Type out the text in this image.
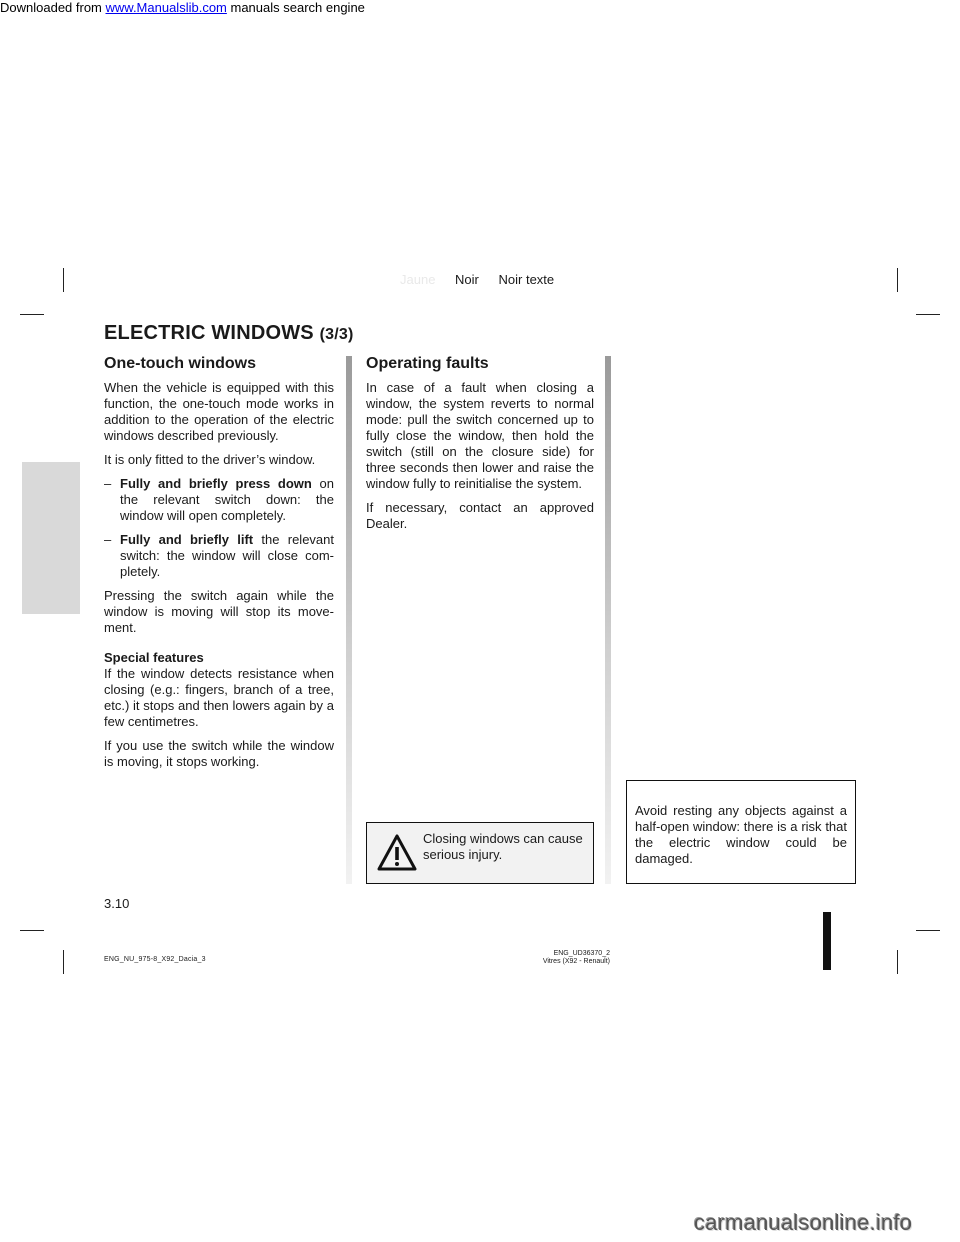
Downloaded from www.Manualslib.com manuals search engine
Jaune Noir Noir texte
ELECTRIC WINDOWS (3/3)
One-touch windows

When the vehicle is equipped with this function, the one-touch mode works in addition to the operation of the electric windows described previously.

It is only fitted to the driver’s window.

– Fully and briefly press down on the relevant switch down: the window will open completely.
– Fully and briefly lift the relevant switch: the window will close com-pletely.

Pressing the switch again while the window is moving will stop its move-ment.

Special features

If the window detects resistance when closing (e.g.: fingers, branch of a tree, etc.) it stops and then lowers again by a few centimetres.

If you use the switch while the window is moving, it stops working.

Operating faults

In case of a fault when closing a window, the system reverts to normal mode: pull the switch concerned up to fully close the window, then hold the switch (still on the closure side) for three seconds then lower and raise the window fully to reinitialise the system.

If necessary, contact an approved Dealer.

Closing windows can cause serious injury.
Avoid resting any objects against a half-open window: there is a risk that the electric window could be damaged.
3.10
ENG_NU_975-8_X92_Dacia_3
ENG_UD36370_2
Vitres (X92 - Renault)
carmanualsonline.info
